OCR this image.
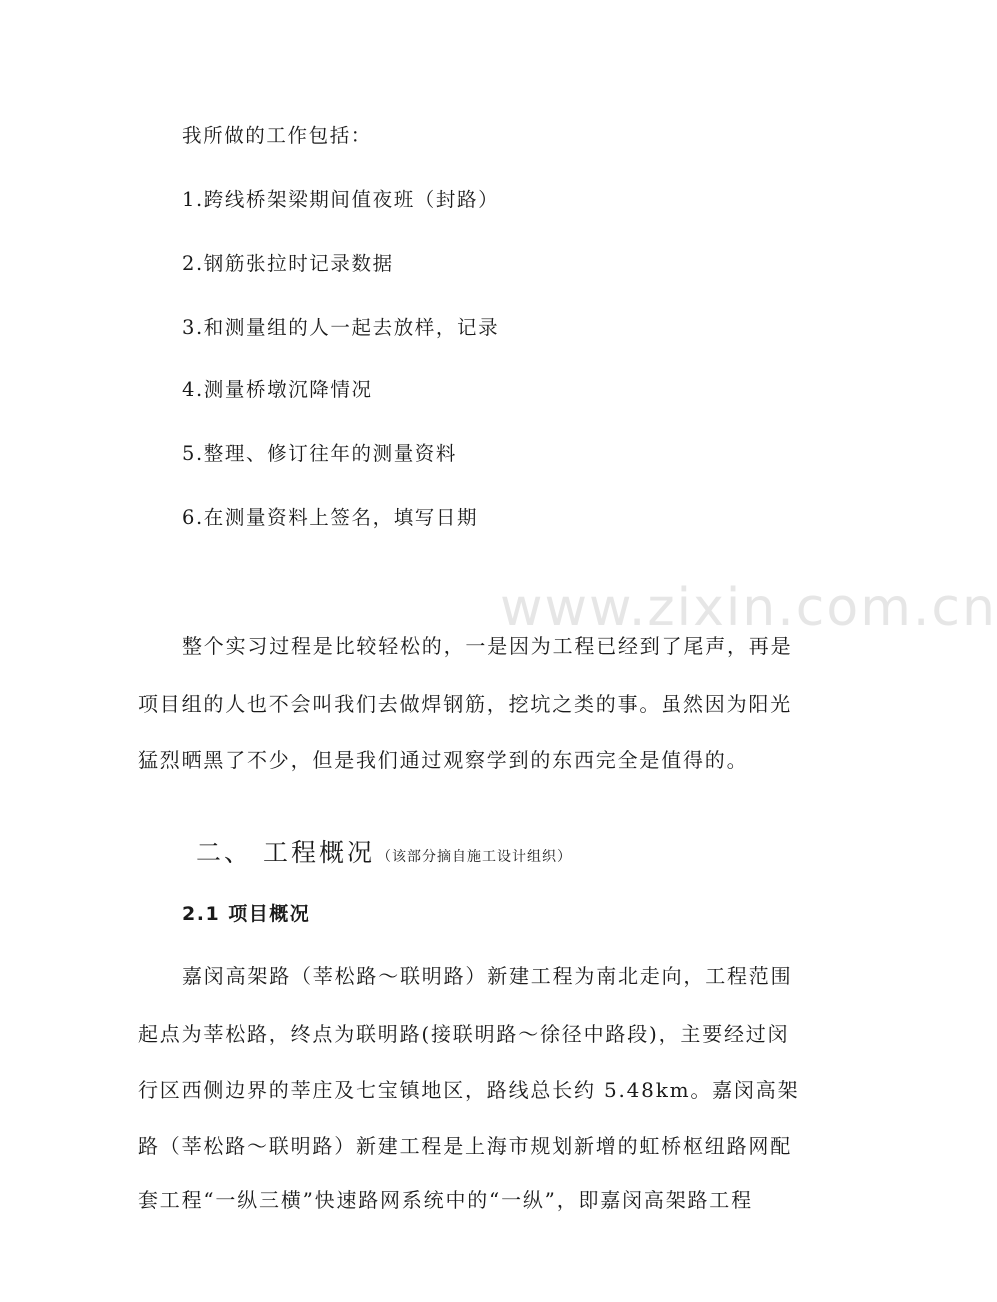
www.zixin.com.cn
我所做的工作包括：
1.跨线桥架梁期间值夜班（封路）
2.钢筋张拉时记录数据
3.和测量组的人一起去放样，记录
4.测量桥墩沉降情况
5.整理、修订往年的测量资料
6.在测量资料上签名，填写日期
整个实习过程是比较轻松的，一是因为工程已经到了尾声，再是
项目组的人也不会叫我们去做焊钢筋，挖坑之类的事。虽然因为阳光
猛烈晒黑了不少，但是我们通过观察学到的东西完全是值得的。
二、 工程概况 （该部分摘自施工设计组织）
2.1 项目概况
嘉闵高架路（莘松路～联明路）新建工程为南北走向，工程范围
起点为莘松路，终点为联明路(接联明路～徐径中路段)，主要经过闵
行区西侧边界的莘庄及七宝镇地区，路线总长约 5.48km。嘉闵高架
路（莘松路～联明路）新建工程是上海市规划新增的虹桥枢纽路网配
套工程“一纵三横”快速路网系统中的“一纵”，即嘉闵高架路工程
